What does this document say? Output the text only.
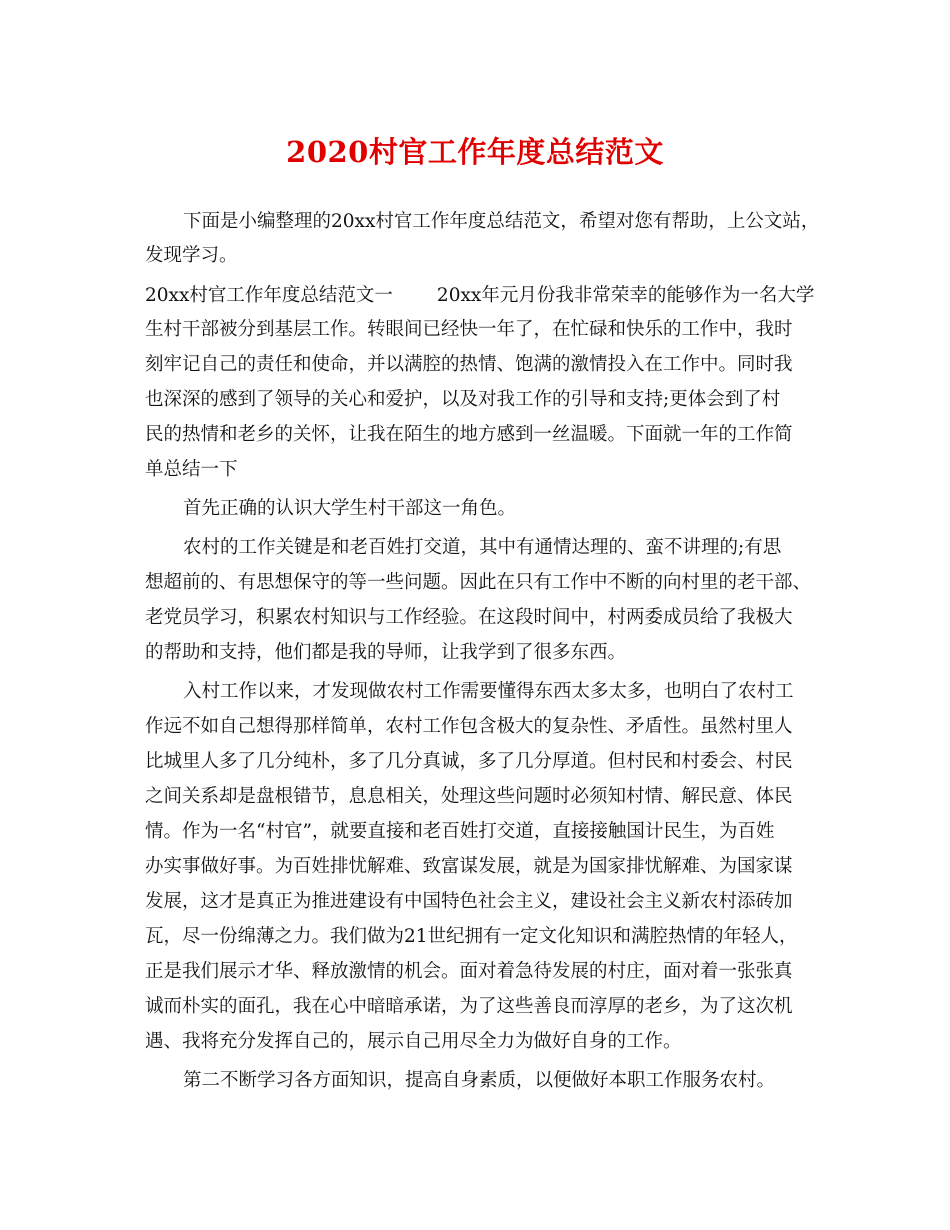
2020村官工作年度总结范文
下面是小编整理的20xx村官工作年度总结范文，希望对您有帮助，上公文站，
发现学习。
20xx村官工作年度总结范文一 20xx年元月份我非常荣幸的能够作为一名大学
生村干部被分到基层工作。转眼间已经快一年了，在忙碌和快乐的工作中，我时
刻牢记自己的责任和使命，并以满腔的热情、饱满的激情投入在工作中。同时我
也深深的感到了领导的关心和爱护，以及对我工作的引导和支持;更体会到了村
民的热情和老乡的关怀，让我在陌生的地方感到一丝温暖。下面就一年的工作简
单总结一下
首先正确的认识大学生村干部这一角色。
农村的工作关键是和老百姓打交道，其中有通情达理的、蛮不讲理的;有思
想超前的、有思想保守的等一些问题。因此在只有工作中不断的向村里的老干部、
老党员学习，积累农村知识与工作经验。在这段时间中，村两委成员给了我极大
的帮助和支持，他们都是我的导师，让我学到了很多东西。
入村工作以来，才发现做农村工作需要懂得东西太多太多，也明白了农村工
作远不如自己想得那样简单，农村工作包含极大的复杂性、矛盾性。虽然村里人
比城里人多了几分纯朴，多了几分真诚，多了几分厚道。但村民和村委会、村民
之间关系却是盘根错节，息息相关，处理这些问题时必须知村情、解民意、体民
情。作为一名“村官”，就要直接和老百姓打交道，直接接触国计民生，为百姓
办实事做好事。为百姓排忧解难、致富谋发展，就是为国家排忧解难、为国家谋
发展，这才是真正为推进建设有中国特色社会主义，建设社会主义新农村添砖加
瓦，尽一份绵薄之力。我们做为21世纪拥有一定文化知识和满腔热情的年轻人，
正是我们展示才华、释放激情的机会。面对着急待发展的村庄，面对着一张张真
诚而朴实的面孔，我在心中暗暗承诺，为了这些善良而淳厚的老乡，为了这次机
遇、我将充分发挥自己的，展示自己用尽全力为做好自身的工作。
第二不断学习各方面知识，提高自身素质，以便做好本职工作服务农村。
